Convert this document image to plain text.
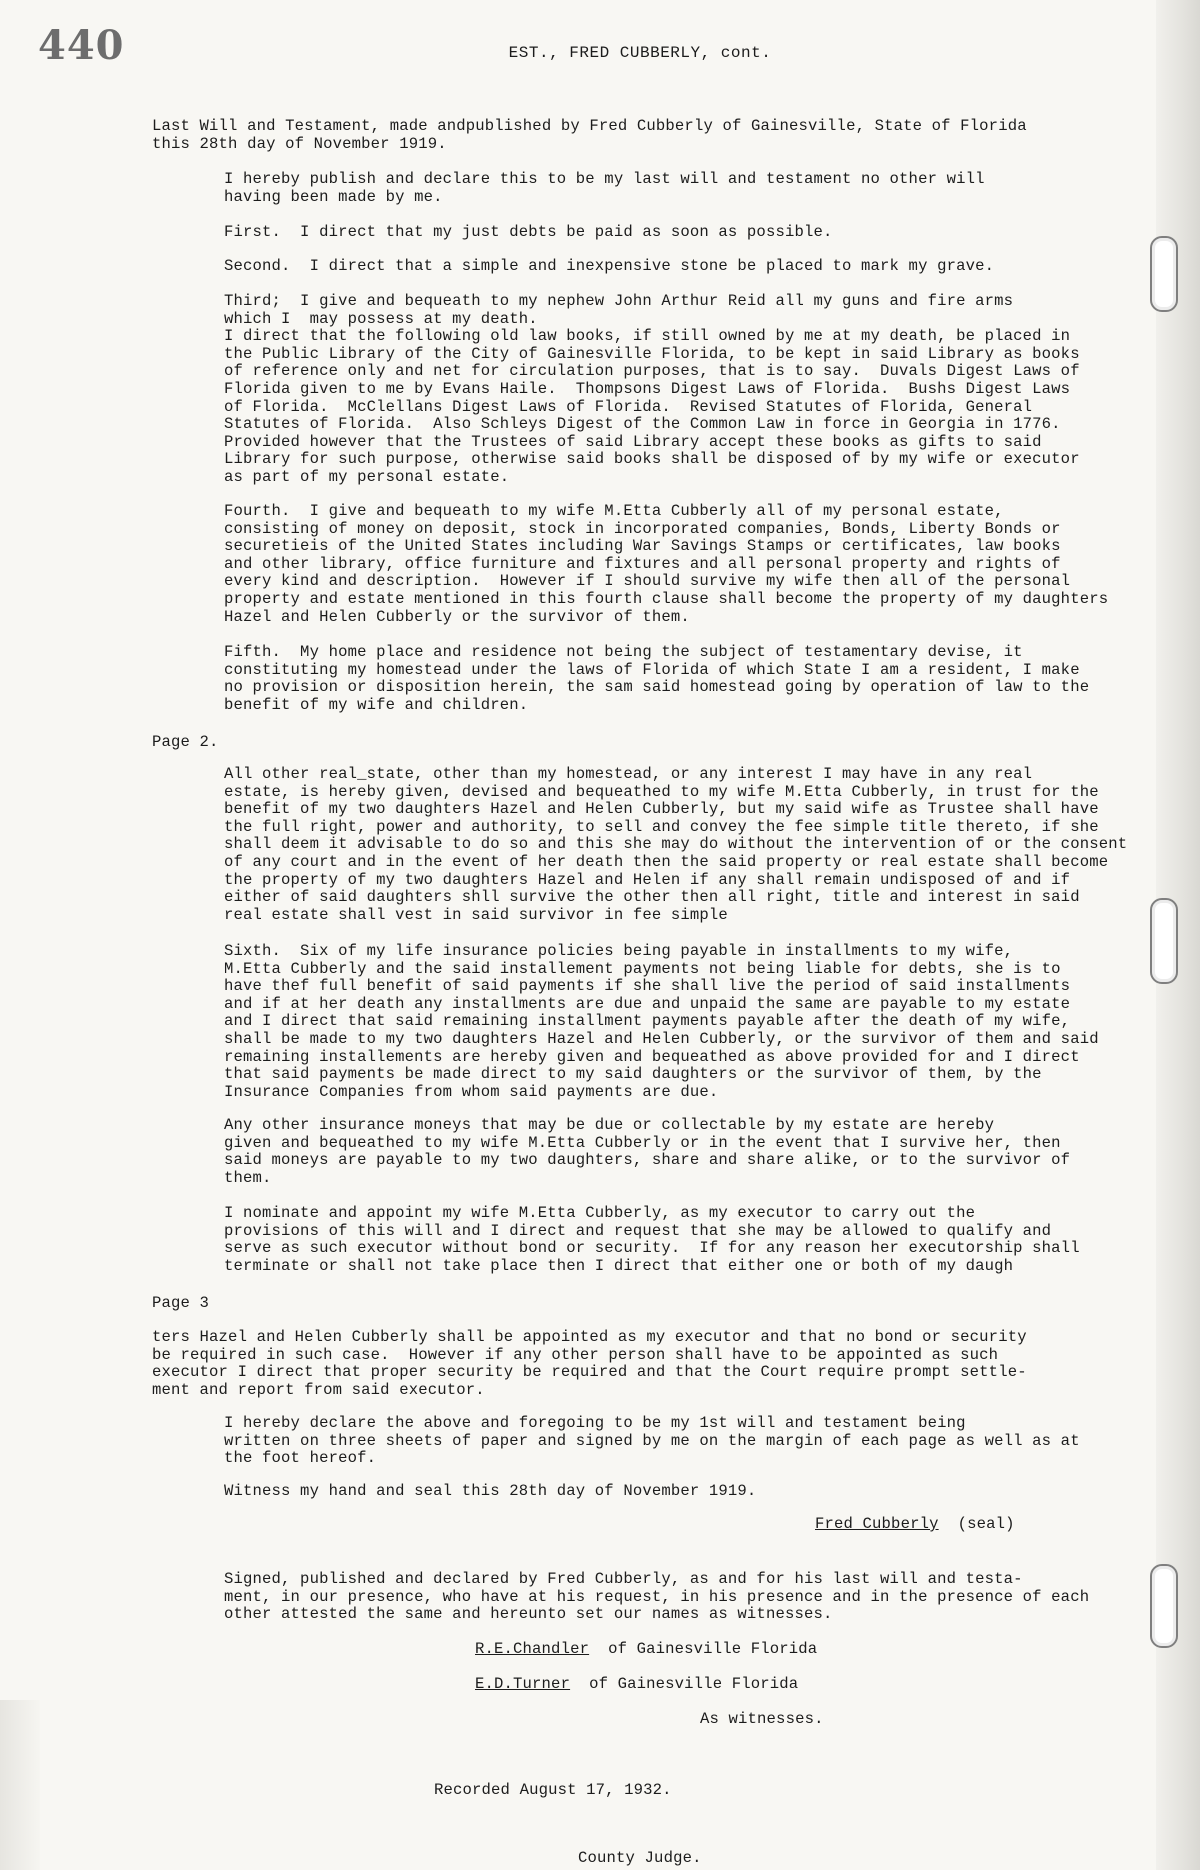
440	EST., FRED CUBBERLY, cont.
Last Will and Testament, made andpublished by Fred Cubberly of Gainesville, State of Florida
this 28th day of November 1919.
I hereby publish and declare this to be my last will and testament no other will
having been made by me.
First.  I direct that my just debts be paid as soon as possible.
Second.  I direct that a simple and inexpensive stone be placed to mark my grave.
Third;  I give and bequeath to my nephew John Arthur Reid all my guns and fire arms
which I  may possess at my death.
I direct that the following old law books, if still owned by me at my death, be placed in
the Public Library of the City of Gainesville Florida, to be kept in said Library as books
of reference only and net for circulation purposes, that is to say.  Duvals Digest Laws of
Florida given to me by Evans Haile.  Thompsons Digest Laws of Florida.  Bushs Digest Laws
of Florida.  McClellans Digest Laws of Florida.  Revised Statutes of Florida, General
Statutes of Florida.  Also Schleys Digest of the Common Law in force in Georgia in 1776.
Provided however that the Trustees of said Library accept these books as gifts to said
Library for such purpose, otherwise said books shall be disposed of by my wife or executor
as part of my personal estate.
Fourth.  I give and bequeath to my wife M.Etta Cubberly all of my personal estate,
consisting of money on deposit, stock in incorporated companies, Bonds, Liberty Bonds or
securetieis of the United States including War Savings Stamps or certificates, law books
and other library, office furniture and fixtures and all personal property and rights of
every kind and description.  However if I should survive my wife then all of the personal
property and estate mentioned in this fourth clause shall become the property of my daughters
Hazel and Helen Cubberly or the survivor of them.
Fifth.  My home place and residence not being the subject of testamentary devise, it
constituting my homestead under the laws of Florida of which State I am a resident, I make
no provision or disposition herein, the sam said homestead going by operation of law to the
benefit of my wife and children.
Page 2.
All other real_state, other than my homestead, or any interest I may have in any real
estate, is hereby given, devised and bequeathed to my wife M.Etta Cubberly, in trust for the
benefit of my two daughters Hazel and Helen Cubberly, but my said wife as Trustee shall have
the full right, power and authority, to sell and convey the fee simple title thereto, if she
shall deem it advisable to do so and this she may do without the intervention of or the consent
of any court and in the event of her death then the said property or real estate shall become
the property of my two daughters Hazel and Helen if any shall remain undisposed of and if
either of said daughters shll survive the other then all right, title and interest in said
real estate shall vest in said survivor in fee simple
Sixth.  Six of my life insurance policies being payable in installments to my wife,
M.Etta Cubberly and the said installement payments not being liable for debts, she is to
have thef full benefit of said payments if she shall live the period of said installments
and if at her death any installments are due and unpaid the same are payable to my estate
and I direct that said remaining installment payments payable after the death of my wife,
shall be made to my two daughters Hazel and Helen Cubberly, or the survivor of them and said
remaining installements are hereby given and bequeathed as above provided for and I direct
that said payments be made direct to my said daughters or the survivor of them, by the
Insurance Companies from whom said payments are due.
Any other insurance moneys that may be due or collectable by my estate are hereby
given and bequeathed to my wife M.Etta Cubberly or in the event that I survive her, then
said moneys are payable to my two daughters, share and share alike, or to the survivor of
them.
I nominate and appoint my wife M.Etta Cubberly, as my executor to carry out the
provisions of this will and I direct and request that she may be allowed to qualify and
serve as such executor without bond or security.  If for any reason her executorship shall
terminate or shall not take place then I direct that either one or both of my daugh
Page 3
ters Hazel and Helen Cubberly shall be appointed as my executor and that no bond or security
be required in such case.  However if any other person shall have to be appointed as such
executor I direct that proper security be required and that the Court require prompt settle-
ment and report from said executor.
I hereby declare the above and foregoing to be my 1st will and testament being
written on three sheets of paper and signed by me on the margin of each page as well as at
the foot hereof.
Witness my hand and seal this 28th day of November 1919.
Fred Cubberly (seal)
Signed, published and declared by Fred Cubberly, as and for his last will and testa-
ment, in our presence, who have at his request, in his presence and in the presence of each
other attested the same and hereunto set our names as witnesses.
R.E.Chandler of Gainesville Florida
E.D.Turner of Gainesville Florida
As witnesses.
Recorded August 17, 1932.
County Judge.
